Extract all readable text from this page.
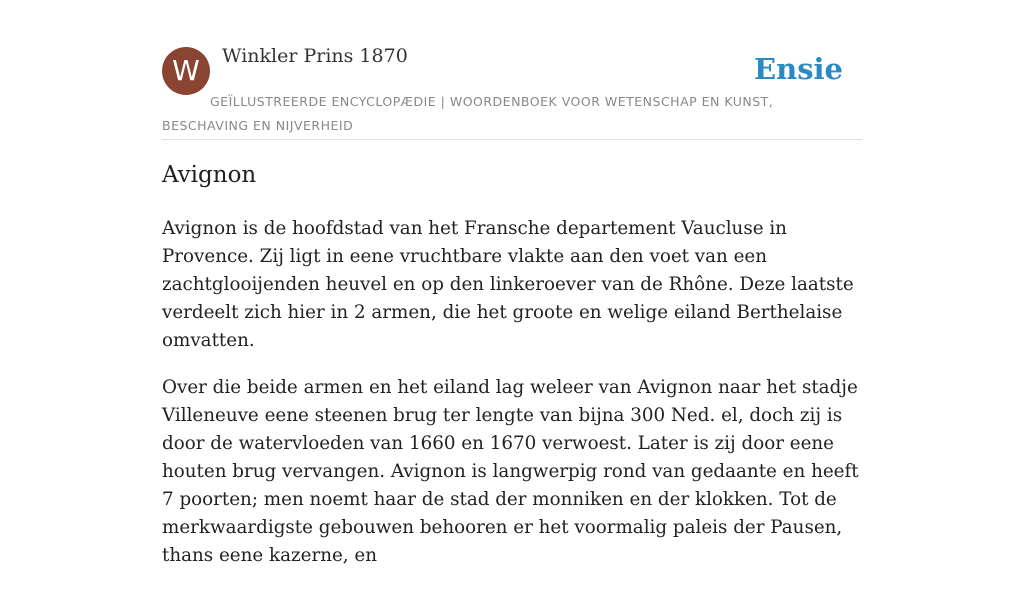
W	Winkler Prins 1870	Ensie
GEÏLLUSTREERDE ENCYCLOPÆDIE | WOORDENBOEK VOOR WETENSCHAP EN KUNST, BESCHAVING EN NIJVERHEID
Avignon

Avignon is de hoofdstad van het Fransche departement Vaucluse in Provence. Zij ligt in eene vruchtbare vlakte aan den voet van een zachtglooijenden heuvel en op den linkeroever van de Rhône. Deze laatste verdeelt zich hier in 2 armen, die het groote en welige eiland Berthelaise omvatten.

Over die beide armen en het eiland lag weleer van Avignon naar het stadje Villeneuve eene steenen brug ter lengte van bijna 300 Ned. el, doch zij is door de watervloeden van 1660 en 1670 verwoest. Later is zij door eene houten brug vervangen. Avignon is langwerpig rond van gedaante en heeft 7 poorten; men noemt haar de stad der monniken en der klokken. Tot de merkwaardigste gebouwen behooren er het voormalig paleis der Pausen, thans eene kazerne, en
